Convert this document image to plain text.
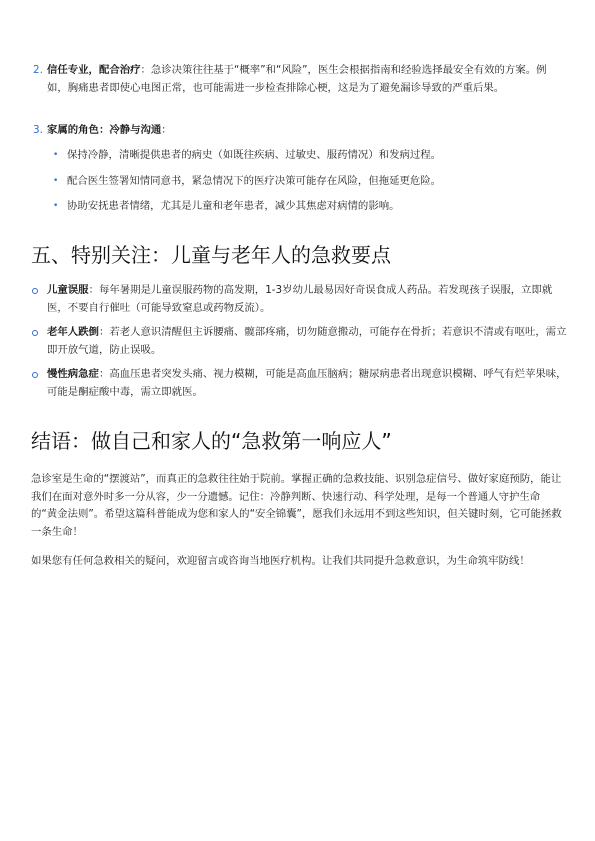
2. 信任专业，配合治疗：急诊决策往往基于“概率”和“风险”，医生会根据指南和经验选择最安全有效的方案。例如，胸痛患者即使心电图正常，也可能需进一步检查排除心梗，这是为了避免漏诊导致的严重后果。
3. 家属的角色：冷静与沟通：
• 保持冷静，清晰提供患者的病史（如既往疾病、过敏史、服药情况）和发病过程。
• 配合医生签署知情同意书，紧急情况下的医疗决策可能存在风险，但拖延更危险。
• 协助安抚患者情绪，尤其是儿童和老年患者，减少其焦虑对病情的影响。
五、特别关注：儿童与老年人的急救要点
儿童误服：每年暑期是儿童误服药物的高发期，1-3岁幼儿最易因好奇误食成人药品。若发现孩子误服，立即就医，不要自行催吐（可能导致窒息或药物反流）。
老年人跌倒：若老人意识清醒但主诉腰痛、髋部疼痛，切勿随意搬动，可能存在骨折；若意识不清或有呕吐，需立即开放气道，防止误吸。
慢性病急症：高血压患者突发头痛、视力模糊，可能是高血压脑病；糖尿病患者出现意识模糊、呼气有烂苹果味，可能是酮症酸中毒，需立即就医。
结语：做自己和家人的“急救第一响应人”
急诊室是生命的“摆渡站”，而真正的急救往往始于院前。掌握正确的急救技能、识别急症信号、做好家庭预防，能让我们在面对意外时多一分从容，少一分遗憾。记住：冷静判断、快速行动、科学处理，是每一个普通人守护生命的“黄金法则”。希望这篇科普能成为您和家人的“安全锦囊”，愿我们永远用不到这些知识，但关键时刻，它可能拯救一条生命！
如果您有任何急救相关的疑问，欢迎留言或咨询当地医疗机构。让我们共同提升急救意识，为生命筑牢防线！
